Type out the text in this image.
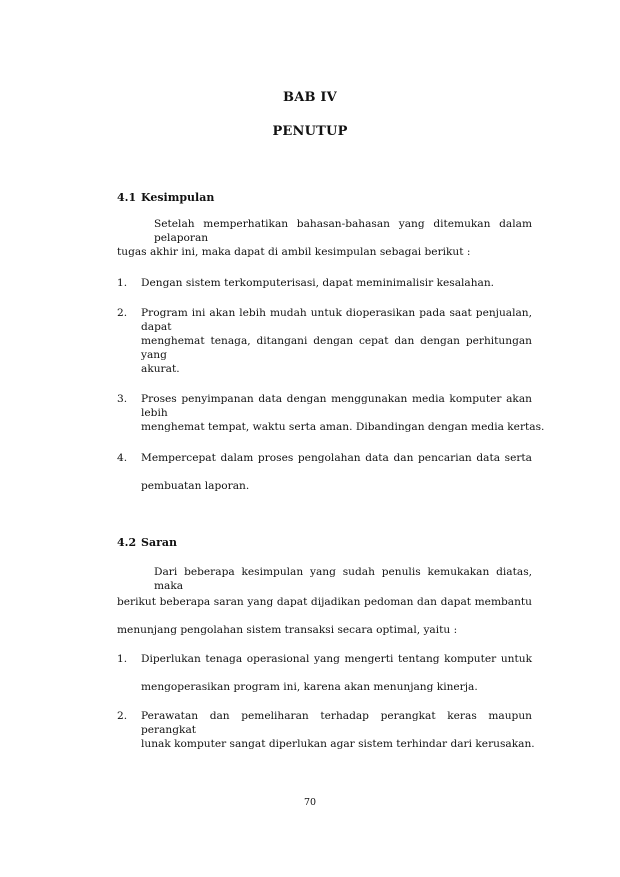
BAB IV
PENUTUP
4.1 Kesimpulan
Setelah memperhatikan bahasan-bahasan yang ditemukan dalam pelaporan
tugas akhir ini, maka dapat di ambil kesimpulan sebagai berikut :
1. Dengan sistem terkomputerisasi, dapat meminimalisir kesalahan.
2. Program ini akan lebih mudah untuk dioperasikan pada saat penjualan, dapat
menghemat tenaga, ditangani dengan cepat dan dengan perhitungan yang
akurat.
3. Proses penyimpanan data dengan menggunakan media komputer akan lebih
menghemat tempat, waktu serta aman. Dibandingan dengan media kertas.
4. Mempercepat dalam proses pengolahan data dan pencarian data serta
pembuatan laporan.
4.2 Saran
Dari beberapa kesimpulan yang sudah penulis kemukakan diatas, maka
berikut beberapa saran yang dapat dijadikan pedoman dan dapat membantu
menunjang pengolahan sistem transaksi secara optimal, yaitu :
1. Diperlukan tenaga operasional yang mengerti tentang komputer untuk
mengoperasikan program ini, karena akan menunjang kinerja.
2. Perawatan dan pemeliharan terhadap perangkat keras maupun perangkat
lunak komputer sangat diperlukan agar sistem terhindar dari kerusakan.
70
